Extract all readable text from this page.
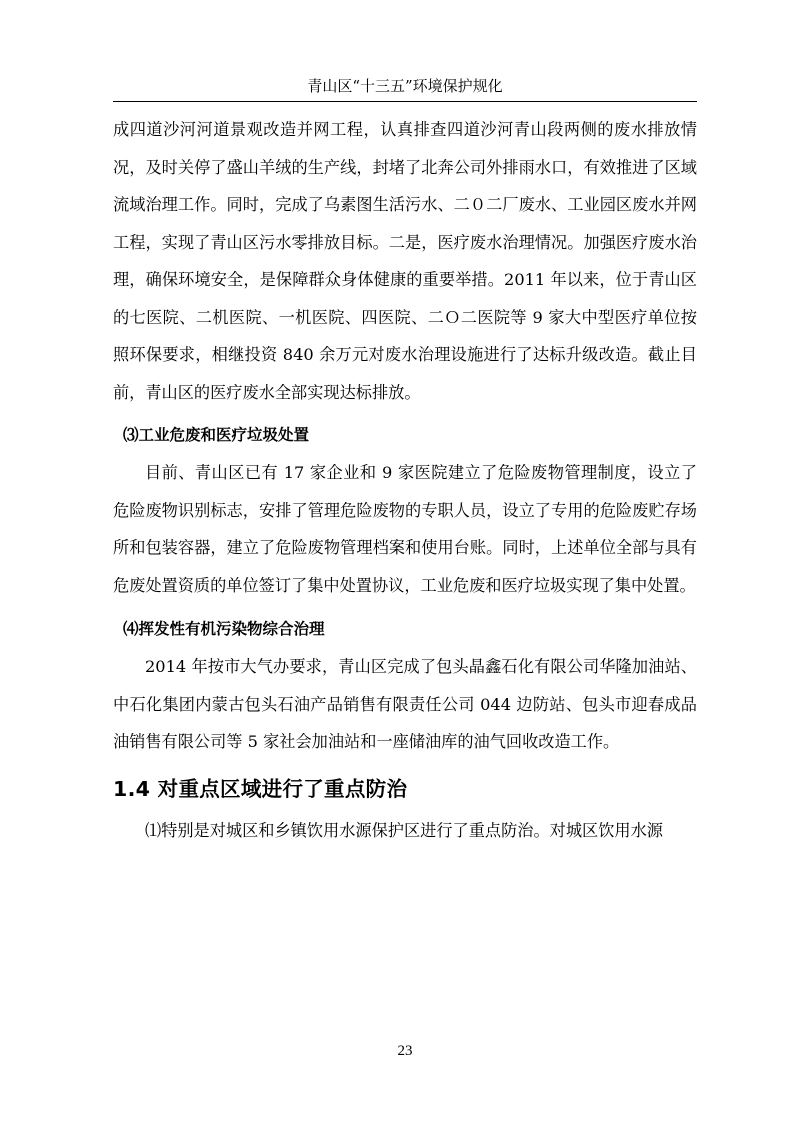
青山区“十三五”环境保护规化

成四道沙河河道景观改造并网工程，认真排查四道沙河青山段两侧的废水排放情况，及时关停了盛山羊绒的生产线，封堵了北奔公司外排雨水口，有效推进了区域流域治理工作。同时，完成了乌素图生活污水、二０二厂废水、工业园区废水并网工程，实现了青山区污水零排放目标。二是，医疗废水治理情况。加强医疗废水治理，确保环境安全，是保障群众身体健康的重要举措。2011 年以来，位于青山区的七医院、二机医院、一机医院、四医院、二Ｏ二医院等 9 家大中型医疗单位按照环保要求，相继投资 840 余万元对废水治理设施进行了达标升级改造。截止目前，青山区的医疗废水全部实现达标排放。

⑶工业危废和医疗垃圾处置

目前、青山区已有 17 家企业和 9 家医院建立了危险废物管理制度，设立了危险废物识别标志，安排了管理危险废物的专职人员，设立了专用的危险废贮存场所和包装容器，建立了危险废物管理档案和使用台账。同时，上述单位全部与具有危废处置资质的单位签订了集中处置协议，工业危废和医疗垃圾实现了集中处置。

⑷挥发性有机污染物综合治理

2014 年按市大气办要求，青山区完成了包头晶鑫石化有限公司华隆加油站、中石化集团内蒙古包头石油产品销售有限责任公司 044 边防站、包头市迎春成品油销售有限公司等 5 家社会加油站和一座储油库的油气回收改造工作。

1.4 对重点区域进行了重点防治

⑴特别是对城区和乡镇饮用水源保护区进行了重点防治。对城区饮用水源

23
